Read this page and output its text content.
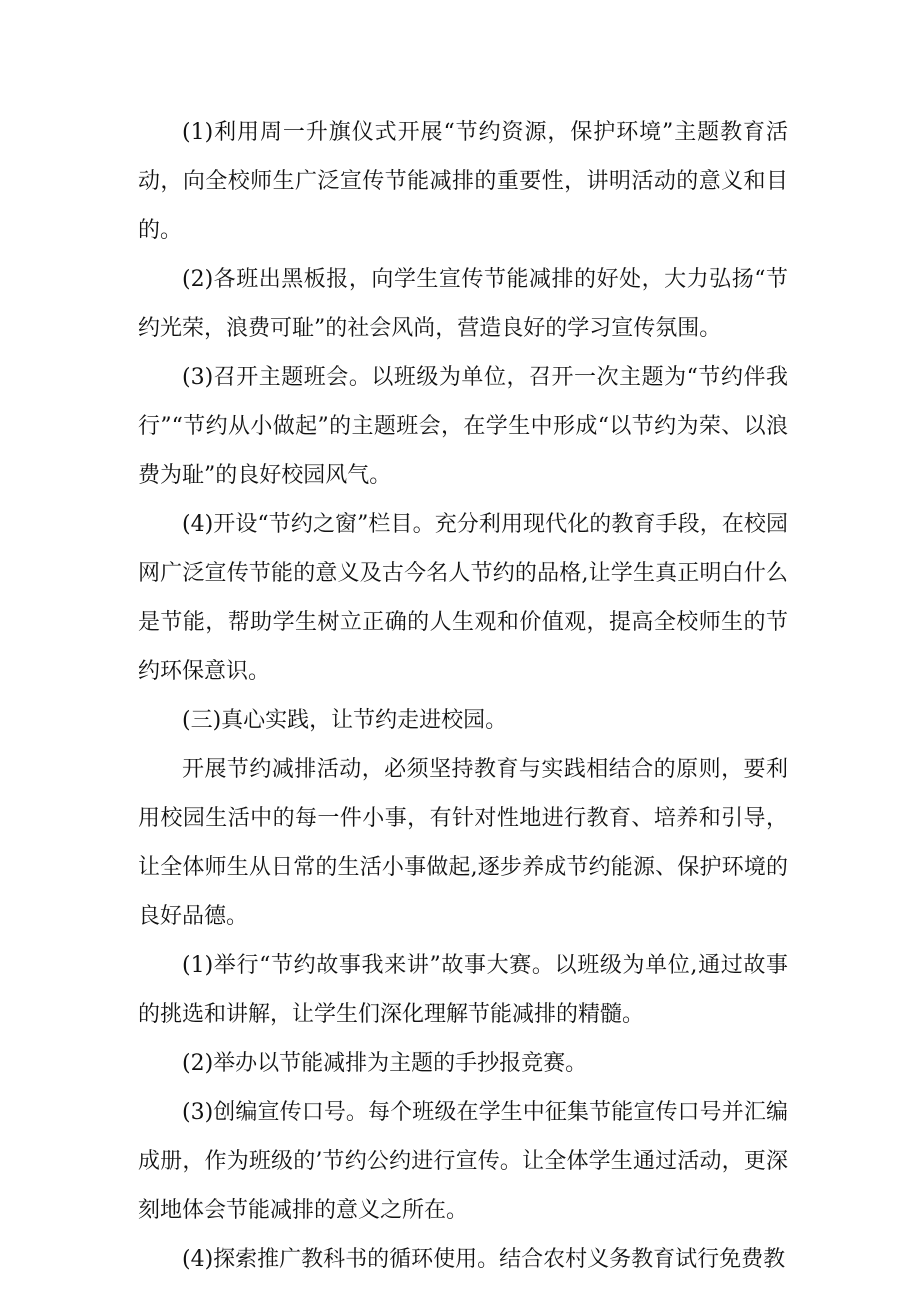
(1)利用周一升旗仪式开展“节约资源，保护环境”主题教育活动，向全校师生广泛宣传节能减排的重要性，讲明活动的意义和目的。

(2)各班出黑板报，向学生宣传节能减排的好处，大力弘扬“节约光荣，浪费可耻”的社会风尚，营造良好的学习宣传氛围。

(3)召开主题班会。以班级为单位，召开一次主题为“节约伴我行”“节约从小做起”的主题班会，在学生中形成“以节约为荣、以浪费为耻”的良好校园风气。

(4)开设“节约之窗”栏目。充分利用现代化的教育手段，在校园网广泛宣传节能的意义及古今名人节约的品格,让学生真正明白什么是节能，帮助学生树立正确的人生观和价值观，提高全校师生的节约环保意识。

(三)真心实践，让节约走进校园。

开展节约减排活动，必须坚持教育与实践相结合的原则，要利用校园生活中的每一件小事，有针对性地进行教育、培养和引导，让全体师生从日常的生活小事做起,逐步养成节约能源、保护环境的良好品德。

(1)举行“节约故事我来讲”故事大赛。以班级为单位,通过故事的挑选和讲解，让学生们深化理解节能减排的精髓。

(2)举办以节能减排为主题的手抄报竞赛。

(3)创编宣传口号。每个班级在学生中征集节能宣传口号并汇编成册，作为班级的’节约公约进行宣传。让全体学生通过活动，更深刻地体会节能减排的意义之所在。

(4)探索推广教科书的循环使用。结合农村义务教育试行免费教
